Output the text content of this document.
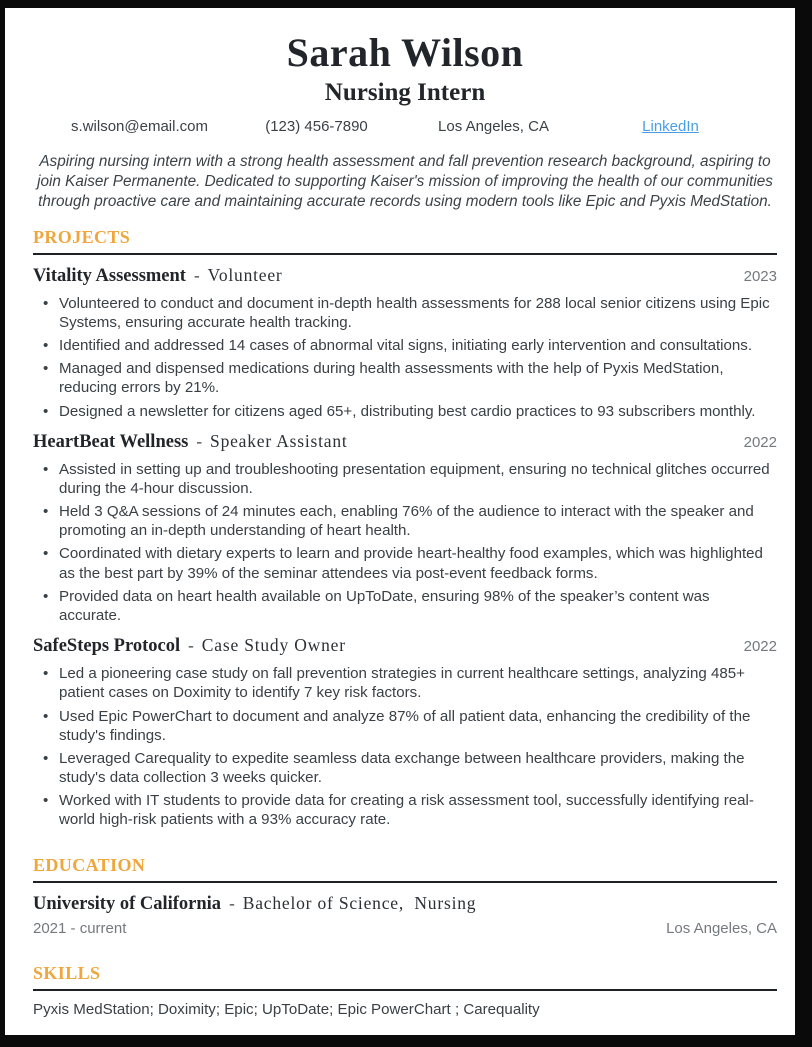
Sarah Wilson
Nursing Intern
s.wilson@email.com	(123) 456-7890	Los Angeles, CA	LinkedIn

Aspiring nursing intern with a strong health assessment and fall prevention research background, aspiring to join Kaiser Permanente. Dedicated to supporting Kaiser's mission of improving the health of our communities through proactive care and maintaining accurate records using modern tools like Epic and Pyxis MedStation.

PROJECTS
Vitality Assessment - Volunteer	2023
• Volunteered to conduct and document in-depth health assessments for 288 local senior citizens using Epic Systems, ensuring accurate health tracking.
• Identified and addressed 14 cases of abnormal vital signs, initiating early intervention and consultations.
• Managed and dispensed medications during health assessments with the help of Pyxis MedStation, reducing errors by 21%.
• Designed a newsletter for citizens aged 65+, distributing best cardio practices to 93 subscribers monthly.
HeartBeat Wellness - Speaker Assistant	2022
• Assisted in setting up and troubleshooting presentation equipment, ensuring no technical glitches occurred during the 4-hour discussion.
• Held 3 Q&A sessions of 24 minutes each, enabling 76% of the audience to interact with the speaker and promoting an in-depth understanding of heart health.
• Coordinated with dietary experts to learn and provide heart-healthy food examples, which was highlighted as the best part by 39% of the seminar attendees via post-event feedback forms.
• Provided data on heart health available on UpToDate, ensuring 98% of the speaker’s content was accurate.
SafeSteps Protocol - Case Study Owner	2022
• Led a pioneering case study on fall prevention strategies in current healthcare settings, analyzing 485+ patient cases on Doximity to identify 7 key risk factors.
• Used Epic PowerChart to document and analyze 87% of all patient data, enhancing the credibility of the study's findings.
• Leveraged Carequality to expedite seamless data exchange between healthcare providers, making the study's data collection 3 weeks quicker.
• Worked with IT students to provide data for creating a risk assessment tool, successfully identifying real-world high-risk patients with a 93% accuracy rate.
EDUCATION
University of California - Bachelor of Science,  Nursing
2021 - current	Los Angeles, CA
SKILLS

Pyxis MedStation; Doximity; Epic; UpToDate; Epic PowerChart ; Carequality
